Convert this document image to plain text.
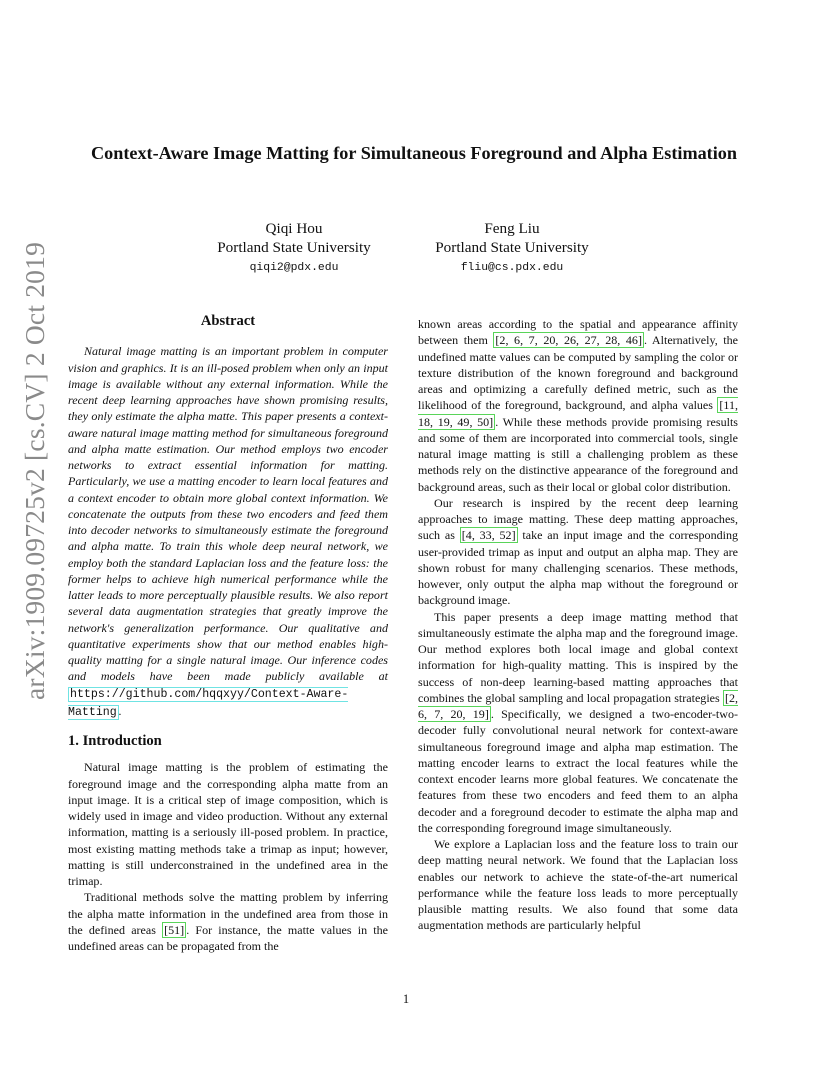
Context-Aware Image Matting for Simultaneous Foreground and Alpha Estimation
Qiqi Hou
Portland State University
qiqi2@pdx.edu
Feng Liu
Portland State University
fliu@cs.pdx.edu
arXiv:1909.09725v2 [cs.CV] 2 Oct 2019	Abstract

Natural image matting is an important problem in computer vision and graphics. It is an ill-posed problem when only an input image is available without any external information. While the recent deep learning approaches have shown promising results, they only estimate the alpha matte. This paper presents a context-aware natural image matting method for simultaneous foreground and alpha matte estimation. Our method employs two encoder networks to extract essential information for matting. Particularly, we use a matting encoder to learn local features and a context encoder to obtain more global context information. We concatenate the outputs from these two encoders and feed them into decoder networks to simultaneously estimate the foreground and alpha matte. To train this whole deep neural network, we employ both the standard Laplacian loss and the feature loss: the former helps to achieve high numerical performance while the latter leads to more perceptually plausible results. We also report several data augmentation strategies that greatly improve the network's generalization performance. Our qualitative and quantitative experiments show that our method enables high-quality matting for a single natural image. Our inference codes and models have been made publicly available at https://github.com/hqqxyy/Context-Aware-Matting .

1. Introduction

Natural image matting is the problem of estimating the foreground image and the corresponding alpha matte from an input image. It is a critical step of image composition, which is widely used in image and video production. Without any external information, matting is a seriously ill-posed problem. In practice, most existing matting methods take a trimap as input; however, matting is still underconstrained in the undefined area in the trimap.

Traditional methods solve the matting problem by inferring the alpha matte information in the undefined area from those in the defined areas [51] . For instance, the matte values in the undefined areas can be propagated from the

known areas according to the spatial and appearance affinity between them [2, 6, 7, 20, 26, 27, 28, 46] . Alternatively, the undefined matte values can be computed by sampling the color or texture distribution of the known foreground and background areas and optimizing a carefully defined metric, such as the likelihood of the foreground, background, and alpha values [11, 18, 19, 49, 50] . While these methods provide promising results and some of them are incorporated into commercial tools, single natural image matting is still a challenging problem as these methods rely on the distinctive appearance of the foreground and background areas, such as their local or global color distribution.

Our research is inspired by the recent deep learning approaches to image matting. These deep matting approaches, such as [4, 33, 52] take an input image and the corresponding user-provided trimap as input and output an alpha map. They are shown robust for many challenging scenarios. These methods, however, only output the alpha map without the foreground or background image.

This paper presents a deep image matting method that simultaneously estimate the alpha map and the foreground image. Our method explores both local image and global context information for high-quality matting. This is inspired by the success of non-deep learning-based matting approaches that combines the global sampling and local propagation strategies [2, 6, 7, 20, 19] . Specifically, we designed a two-encoder-two-decoder fully convolutional neural network for context-aware simultaneous foreground image and alpha map estimation. The matting encoder learns to extract the local features while the context encoder learns more global features. We concatenate the features from these two encoders and feed them to an alpha decoder and a foreground decoder to estimate the alpha map and the corresponding foreground image simultaneously.

We explore a Laplacian loss and the feature loss to train our deep matting neural network. We found that the Laplacian loss enables our network to achieve the state-of-the-art numerical performance while the feature loss leads to more perceptually plausible matting results. We also found that some data augmentation methods are particularly helpful

1
